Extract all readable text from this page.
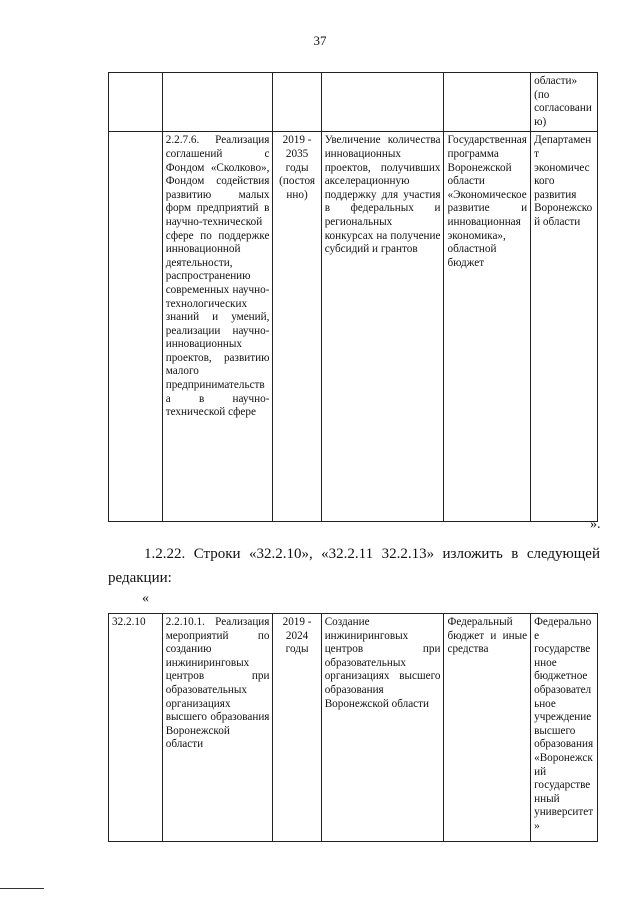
37
					области» (по согласованию)
	2.2.7.6. Реализация соглашений с Фондом «Сколково», Фондом содействия развитию малых форм предприятий в научно-технической сфере по поддержке инновационной деятельности, распространению современных научно-технологических знаний и умений, реализации научно-инновационных проектов, развитию малого предпринимательства в научно-технической сфере	2019 - 2035 годы (постоянно)	Увеличение количества инновационных проектов, получивших акселерационную поддержку для участия в федеральных и региональных конкурсах на получение субсидий и грантов	Государственная программа Воронежской области «Экономическое развитие и инновационная экономика», областной бюджет	Департамент экономического развития Воронежской области
».
1.2.22. Строки «32.2.10», «32.2.11 32.2.13» изложить в следующей редакции:
«
32.2.10	2.2.10.1. Реализация мероприятий по созданию инжиниринговых центров при образовательных организациях высшего образования Воронежской области	2019 - 2024 годы	Создание инжиниринговых центров при образовательных организациях высшего образования Воронежской области	Федеральный бюджет и иные средства	Федеральное государственное бюджетное образовательное учреждение высшего образования «Воронежский государственный университет»
